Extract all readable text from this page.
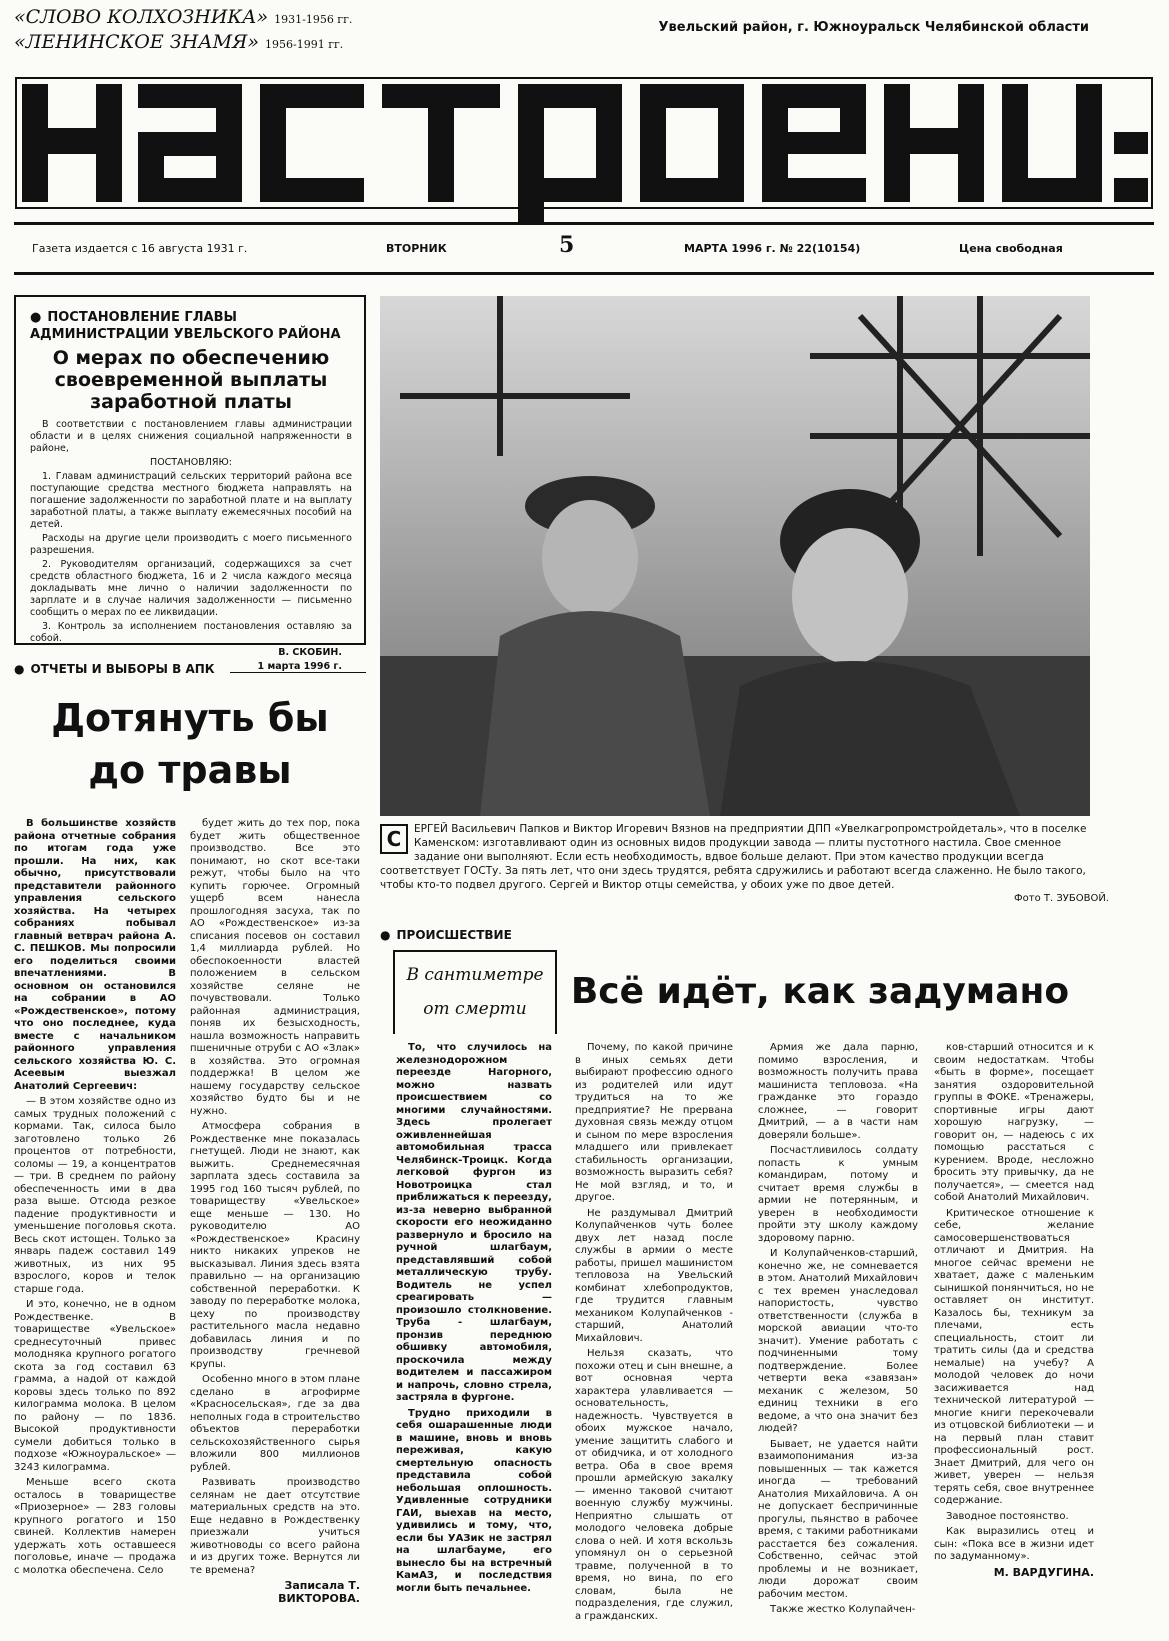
«СЛОВО КОЛХОЗНИКА» 1931-1956 гг.
«ЛЕНИНСКОЕ ЗНАМЯ» 1956-1991 гг.
Увельский район, г. Южноуральск Челябинской области
Газета издается с 16 августа 1931 г.	ВТОРНИК	5	МАРТА 1996 г. № 22(10154)	Цена свободная
● ПОСТАНОВЛЕНИЕ ГЛАВЫ АДМИНИСТРАЦИИ УВЕЛЬСКОГО РАЙОНА
О мерах по обеспечению своевременной выплаты заработной платы

В соответствии с постановлением главы администрации области и в целях снижения социальной напряженности в районе,

ПОСТАНОВЛЯЮ:

1. Главам администраций сельских территорий района все поступающие средства местного бюджета направлять на погашение задолженности по заработной плате и на выплату заработной платы, а также выплату ежемесячных пособий на детей.

Расходы на другие цели производить с моего письменного разрешения.

2. Руководителям организаций, содержащихся за счет средств областного бюджета, 16 и 2 числа каждого месяца докладывать мне лично о наличии задолженности по зарплате и в случае наличия задолженности — письменно сообщить о мерах по ее ликвидации.

3. Контроль за исполнением постановления оставляю за собой.

В. СКОБИН.

1 марта 1996 г.

● ОТЧЕТЫ И ВЫБОРЫ В АПК
Дотянуть бы
до травы

В большинстве хозяйств района отчетные собрания по итогам года уже прошли. На них, как обычно, присутствовали представители районного управления сельского хозяйства. На четырех собраниях побывал главный ветврач района А. С. ПЕШКОВ. Мы попросили его поделиться своими впечатлениями. В основном он остановился на собрании в АО «Рождественское», потому что оно последнее, куда вместе с начальником районного управления сельского хозяйства Ю. С. Асеевым выезжал Анатолий Сергеевич:

— В этом хозяйстве одно из самых трудных положений с кормами. Так, силоса было заготовлено только 26 процентов от потребности, соломы — 19, а концентратов — три. В среднем по району обеспеченность ими в два раза выше. Отсюда резкое падение продуктивности и уменьшение поголовья скота. Весь скот истощен. Только за январь падеж составил 149 животных, из них 95 взрослого, коров и телок старше года.

И это, конечно, не в одном Рождественке. В товариществе «Увельское» среднесуточный привес молодняка крупного рогатого скота за год составил 63 грамма, а надой от каждой коровы здесь только по 892 килограмма молока. В целом по району — по 1836. Высокой продуктивности сумели добиться только в подхозе «Южноуральское» — 3243 килограмма.

Меньше всего скота осталось в товариществе «Приозерное» — 283 головы крупного рогатого и 150 свиней. Коллектив намерен удержать хоть оставшееся поголовье, иначе — продажа с молотка обеспечена. Село

будет жить до тех пор, пока будет жить общественное производство. Все это понимают, но скот все-таки режут, чтобы было на что купить горючее. Огромный ущерб всем нанесла прошлогодняя засуха, так по АО «Рождественское» из-за списания посевов он составил 1,4 миллиарда рублей. Но обеспокоенности властей положением в сельском хозяйстве селяне не почувствовали. Только районная администрация, поняв их безысходность, нашла возможность направить пшеничные отруби с АО «Злак» в хозяйства. Это огромная поддержка! В целом же нашему государству сельское хозяйство будто бы и не нужно.

Атмосфера собрания в Рождественке мне показалась гнетущей. Люди не знают, как выжить. Среднемесячная зарплата здесь составила за 1995 год 160 тысяч рублей, по товариществу «Увельское» еще меньше — 130. Но руководителю АО «Рождественское» Красину никто никаких упреков не высказывал. Линия здесь взята правильно — на организацию собственной переработки. К заводу по переработке молока, цеху по производству растительного масла недавно добавилась линия и по производству гречневой крупы.

Особенно много в этом плане сделано в агрофирме «Красносельская», где за два неполных года в строительство объектов переработки сельскохозяйственного сырья вложили 800 миллионов рублей.

Развивать производство селянам не дает отсутствие материальных средств на это. Еще недавно в Рождественку приезжали учиться животноводы со всего района и из других тоже. Вернутся ли те времена?

Записала Т. ВИКТОРОВА.

С	ЕРГЕЙ Васильевич Папков и Виктор Игоревич Вязнов на предприятии ДПП «Увелкагропромстройдеталь», что в поселке Каменском: изготавливают один из основных видов продукции завода — плиты пустотного настила. Свое сменное задание они выполняют. Если есть необходимость, вдвое больше делают. При этом качество продукции всегда соответствует ГОСТу. За пять лет, что они здесь трудятся, ребята сдружились и работают всегда слаженно. Не было такого, чтобы кто-то подвел другого. Сергей и Виктор отцы семейства, у обоих уже по двое детей.
Фото Т. ЗУБОВОЙ.
● ПРОИСШЕСТВИЕ
В сантиметре
от смерти

То, что случилось на железнодорожном переезде Нагорного, можно назвать происшествием со многими случайностями. Здесь пролегает оживленнейшая автомобильная трасса Челябинск-Троицк. Когда легковой фургон из Новотроицка стал приближаться к переезду, из-за неверно выбранной скорости его неожиданно развернуло и бросило на ручной шлагбаум, представлявший собой металлическую трубу. Водитель не успел среагировать — произошло столкновение. Труба - шлагбаум, пронзив переднюю обшивку автомобиля, проскочила между водителем и пассажиром и напрочь, словно стрела, застряла в фургоне.

Трудно приходили в себя ошарашенные люди в машине, вновь и вновь переживая, какую смертельную опасность представила собой небольшая оплошность. Удивленные сотрудники ГАИ, выехав на место, удивились и тому, что, если бы УАЗик не застрял на шлагбауме, его вынесло бы на встречный КамАЗ, и последствия могли быть печальнее.

Всё идёт, как задумано

Почему, по какой причине в иных семьях дети выбирают профессию одного из родителей или идут трудиться на то же предприятие? Не прервана духовная связь между отцом и сыном по мере взросления младшего или привлекает стабильность организации, возможность выразить себя? Не мой взгляд, и то, и другое.

Не раздумывал Дмитрий Колупайченков чуть более двух лет назад после службы в армии о месте работы, пришел машинистом тепловоза на Увельский комбинат хлебопродуктов, где трудится главным механиком Колупайченков - старший, Анатолий Михайлович.

Нельзя сказать, что похожи отец и сын внешне, а вот основная черта характера улавливается — основательность, надежность. Чувствуется в обоих мужское начало, умение защитить слабого и от обидчика, и от холодного ветра. Оба в свое время прошли армейскую закалку — именно таковой считают военную службу мужчины. Неприятно слышать от молодого человека добрые слова о ней. И хотя вскользь упомянул он о серьезной травме, полученной в то время, но вина, по его словам, была не подразделения, где служил, а гражданских.

Армия же дала парню, помимо взросления, и возможность получить права машиниста тепловоза. «На гражданке это гораздо сложнее, — говорит Дмитрий, — а в части нам доверяли больше».

Посчастливилось солдату попасть к умным командирам, потому и считает время службы в армии не потерянным, и уверен в необходимости пройти эту школу каждому здоровому парню.

И Колупайченков-старший, конечно же, не сомневается в этом. Анатолий Михайлович с тех времен унаследовал напористость, чувство ответственности (служба в морской авиации что-то значит). Умение работать с подчиненными тому подтверждение. Более четверти века «завязан» механик с железом, 50 единиц техники в его ведоме, а что она значит без людей?

Бывает, не удается найти взаимопонимания из-за повышенных — так кажется иногда — требований Анатолия Михайловича. А он не допускает беспричинные прогулы, пьянство в рабочее время, с такими работниками расстается без сожаления. Собственно, сейчас этой проблемы и не возникает, люди дорожат своим рабочим местом.

Также жестко Колупайчен-

ков-старший относится и к своим недостаткам. Чтобы «быть в форме», посещает занятия оздоровительной группы в ФОКЕ. «Тренажеры, спортивные игры дают хорошую нагрузку, — говорит он, — надеюсь с их помощью расстаться с курением. Вроде, несложно бросить эту привычку, да не получается», — смеется над собой Анатолий Михайлович.

Критическое отношение к себе, желание самосовершенствоваться отличают и Дмитрия. На многое сейчас времени не хватает, даже с маленьким сынишкой понянчиться, но не оставляет он институт. Казалось бы, техникум за плечами, есть специальность, стоит ли тратить силы (да и средства немалые) на учебу? А молодой человек до ночи засиживается над технической литературой — многие книги перекочевали из отцовской библиотеки — и на первый план ставит профессиональный рост. Знает Дмитрий, для чего он живет, уверен — нельзя терять себя, свое внутреннее содержание.

Заводное постоянство.

Как выразились отец и сын: «Пока все в жизни идет по задуманному».

М. ВАРДУГИНА.
